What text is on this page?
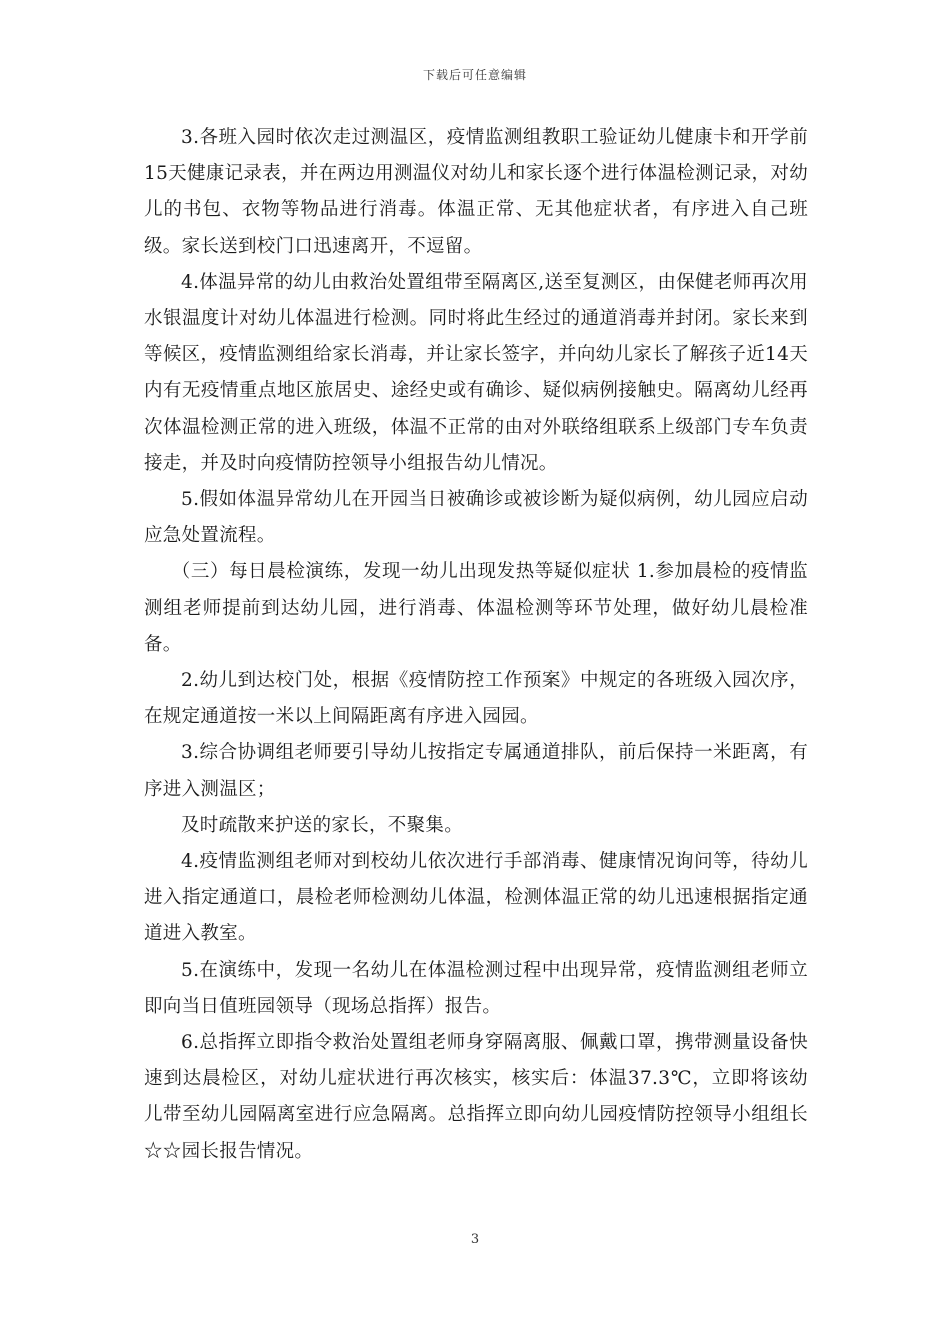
下载后可任意编辑

3.各班入园时依次走过测温区，疫情监测组教职工验证幼儿健康卡和开学前15天健康记录表，并在两边用测温仪对幼儿和家长逐个进行体温检测记录，对幼儿的书包、衣物等物品进行消毒。体温正常、无其他症状者，有序进入自己班级。家长送到校门口迅速离开，不逗留。

4.体温异常的幼儿由救治处置组带至隔离区,送至复测区，由保健老师再次用水银温度计对幼儿体温进行检测。同时将此生经过的通道消毒并封闭。家长来到等候区，疫情监测组给家长消毒，并让家长签字，并向幼儿家长了解孩子近14天内有无疫情重点地区旅居史、途经史或有确诊、疑似病例接触史。隔离幼儿经再次体温检测正常的进入班级，体温不正常的由对外联络组联系上级部门专车负责接走，并及时向疫情防控领导小组报告幼儿情况。

5.假如体温异常幼儿在开园当日被确诊或被诊断为疑似病例，幼儿园应启动应急处置流程。

（三）每日晨检演练，发现一幼儿出现发热等疑似症状 1.参加晨检的疫情监测组老师提前到达幼儿园，进行消毒、体温检测等环节处理，做好幼儿晨检准备。

2.幼儿到达校门处，根据《疫情防控工作预案》中规定的各班级入园次序，在规定通道按一米以上间隔距离有序进入园园。

3.综合协调组老师要引导幼儿按指定专属通道排队，前后保持一米距离，有序进入测温区；

及时疏散来护送的家长，不聚集。

4.疫情监测组老师对到校幼儿依次进行手部消毒、健康情况询问等，待幼儿进入指定通道口，晨检老师检测幼儿体温，检测体温正常的幼儿迅速根据指定通道进入教室。

5.在演练中，发现一名幼儿在体温检测过程中出现异常，疫情监测组老师立即向当日值班园领导（现场总指挥）报告。

6.总指挥立即指令救治处置组老师身穿隔离服、佩戴口罩，携带测量设备快速到达晨检区，对幼儿症状进行再次核实，核实后：体温37.3℃，立即将该幼儿带至幼儿园隔离室进行应急隔离。总指挥立即向幼儿园疫情防控领导小组组长☆☆园长报告情况。

3
